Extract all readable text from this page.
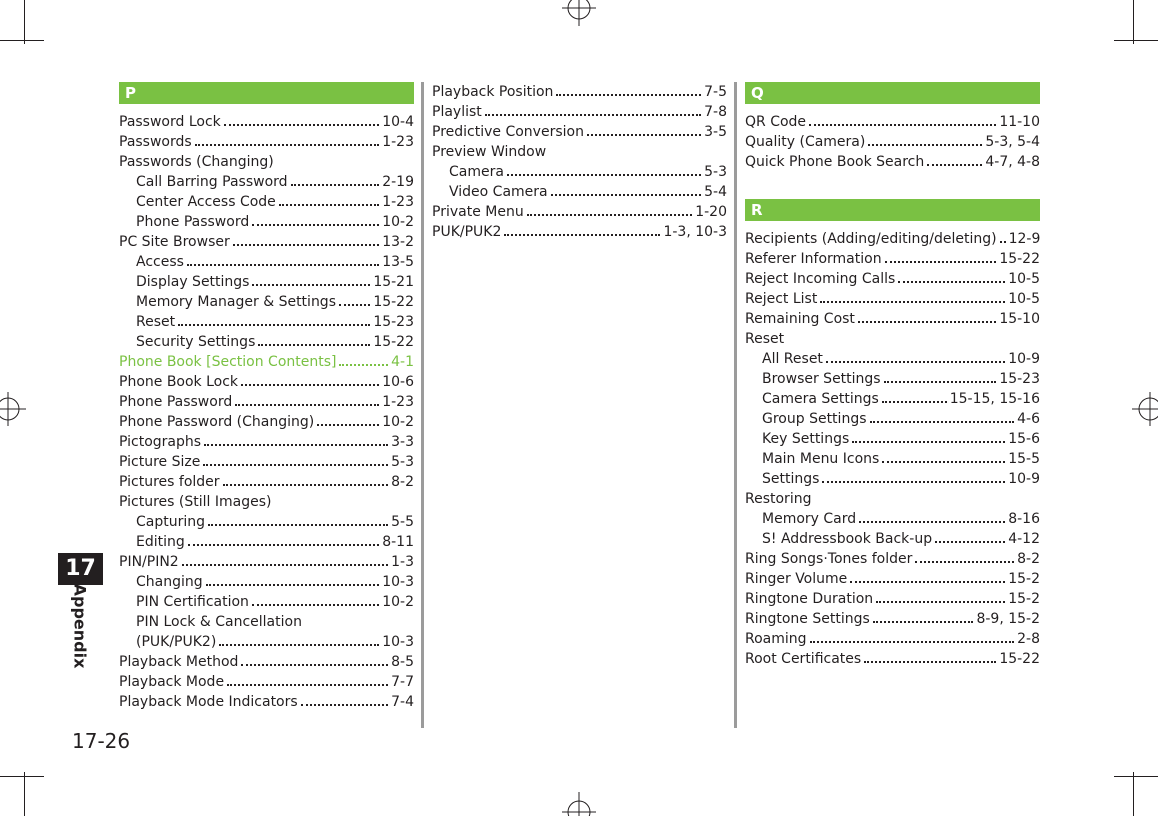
17
Appendix
P
Password Lock	10-4
Passwords	1-23
Passwords (Changing)
Call Barring Password	2-19
Center Access Code	1-23
Phone Password	10-2
PC Site Browser	13-2
Access	13-5
Display Settings	15-21
Memory Manager & Settings	15-22
Reset	15-23
Security Settings	15-22
Phone Book [Section Contents]	4-1
Phone Book Lock	10-6
Phone Password	1-23
Phone Password (Changing)	10-2
Pictographs	3-3
Picture Size	5-3
Pictures folder	8-2
Pictures (Still Images)
Capturing	5-5
Editing	8-11
PIN/PIN2	1-3
Changing	10-3
PIN Certification	10-2
PIN Lock & Cancellation
(PUK/PUK2)	10-3
Playback Method	8-5
Playback Mode	7-7
Playback Mode Indicators	7-4
Playback Position	7-5
Playlist	7-8
Predictive Conversion	3-5
Preview Window
Camera	5-3
Video Camera	5-4
Private Menu	1-20
PUK/PUK2	1-3, 10-3
Q
QR Code	11-10
Quality (Camera)	5-3, 5-4
Quick Phone Book Search	4-7, 4-8
R
Recipients (Adding/editing/deleting) 12-9
Referer Information	15-22
Reject Incoming Calls	10-5
Reject List	10-5
Remaining Cost	15-10
Reset
All Reset	10-9
Browser Settings	15-23
Camera Settings	15-15, 15-16
Group Settings	4-6
Key Settings	15-6
Main Menu Icons	15-5
Settings	10-9
Restoring
Memory Card	8-16
S! Addressbook Back-up	4-12
Ring Songs·Tones folder	8-2
Ringer Volume	15-2
Ringtone Duration	15-2
Ringtone Settings	8-9, 15-2
Roaming	2-8
Root Certificates	15-22
17-26
